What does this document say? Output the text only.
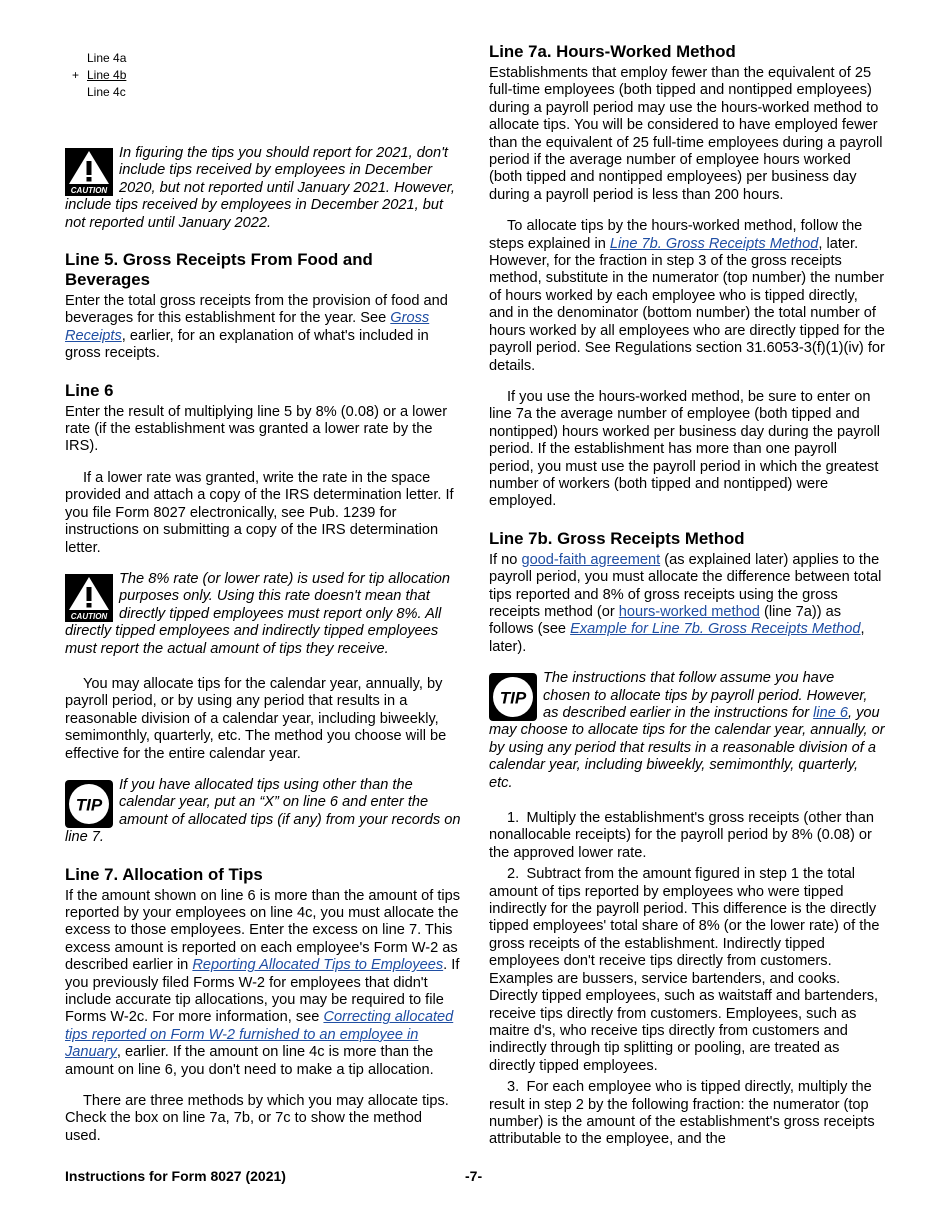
Line 4a
+ Line 4b
Line 4c
CAUTION
In figuring the tips you should report for 2021, don't include tips received by employees in December 2020, but not reported until January 2021. However, include tips received by employees in December 2021, but not reported until January 2022.
Line 5. Gross Receipts From Food and Beverages

Enter the total gross receipts from the provision of food and beverages for this establishment for the year. See Gross Receipts, earlier, for an explanation of what's included in gross receipts.

Line 6

Enter the result of multiplying line 5 by 8% (0.08) or a lower rate (if the establishment was granted a lower rate by the IRS).

If a lower rate was granted, write the rate in the space provided and attach a copy of the IRS determination letter. If you file Form 8027 electronically, see Pub. 1239 for instructions on submitting a copy of the IRS determination letter.

CAUTION
The 8% rate (or lower rate) is used for tip allocation purposes only. Using this rate doesn't mean that directly tipped employees must report only 8%. All directly tipped employees and indirectly tipped employees must report the actual amount of tips they receive.

You may allocate tips for the calendar year, annually, by payroll period, or by using any period that results in a reasonable division of a calendar year, including biweekly, semimonthly, quarterly, etc. The method you choose will be effective for the entire calendar year.

TIP
If you have allocated tips using other than the calendar year, put an “X” on line 6 and enter the amount of allocated tips (if any) from your records on line 7.
Line 7. Allocation of Tips

If the amount shown on line 6 is more than the amount of tips reported by your employees on line 4c, you must allocate the excess to those employees. Enter the excess on line 7. This excess amount is reported on each employee's Form W-2 as described earlier in Reporting Allocated Tips to Employees. If you previously filed Forms W-2 for employees that didn't include accurate tip allocations, you may be required to file Forms W-2c. For more information, see Correcting allocated tips reported on Form W-2 furnished to an employee in January, earlier. If the amount on line 4c is more than the amount on line 6, you don't need to make a tip allocation.

There are three methods by which you may allocate tips. Check the box on line 7a, 7b, or 7c to show the method used.

Line 7a. Hours-Worked Method

Establishments that employ fewer than the equivalent of 25 full-time employees (both tipped and nontipped employees) during a payroll period may use the hours-worked method to allocate tips. You will be considered to have employed fewer than the equivalent of 25 full-time employees during a payroll period if the average number of employee hours worked (both tipped and nontipped employees) per business day during a payroll period is less than 200 hours.

To allocate tips by the hours-worked method, follow the steps explained in Line 7b. Gross Receipts Method, later. However, for the fraction in step 3 of the gross receipts method, substitute in the numerator (top number) the number of hours worked by each employee who is tipped directly, and in the denominator (bottom number) the total number of hours worked by all employees who are directly tipped for the payroll period. See Regulations section 31.6053-3(f)(1)(iv) for details.

If you use the hours-worked method, be sure to enter on line 7a the average number of employee (both tipped and nontipped) hours worked per business day during the payroll period. If the establishment has more than one payroll period, you must use the payroll period in which the greatest number of workers (both tipped and nontipped) were employed.

Line 7b. Gross Receipts Method

If no good-faith agreement (as explained later) applies to the payroll period, you must allocate the difference between total tips reported and 8% of gross receipts using the gross receipts method (or hours-worked method (line 7a)) as follows (see Example for Line 7b. Gross Receipts Method, later).

TIP
The instructions that follow assume you have chosen to allocate tips by payroll period. However, as described earlier in the instructions for line 6, you may choose to allocate tips for the calendar year, annually, or by using any period that results in a reasonable division of a calendar year, including biweekly, semimonthly, quarterly, etc.

1. Multiply the establishment's gross receipts (other than nonallocable receipts) for the payroll period by 8% (0.08) or the approved lower rate.

2. Subtract from the amount figured in step 1 the total amount of tips reported by employees who were tipped indirectly for the payroll period. This difference is the directly tipped employees' total share of 8% (or the lower rate) of the gross receipts of the establishment. Indirectly tipped employees don't receive tips directly from customers. Examples are bussers, service bartenders, and cooks. Directly tipped employees, such as waitstaff and bartenders, receive tips directly from customers. Employees, such as maitre d's, who receive tips directly from customers and indirectly through tip splitting or pooling, are treated as directly tipped employees.

3. For each employee who is tipped directly, multiply the result in step 2 by the following fraction: the numerator (top number) is the amount of the establishment's gross receipts attributable to the employee, and the

Instructions for Form 8027 (2021)	-7-
